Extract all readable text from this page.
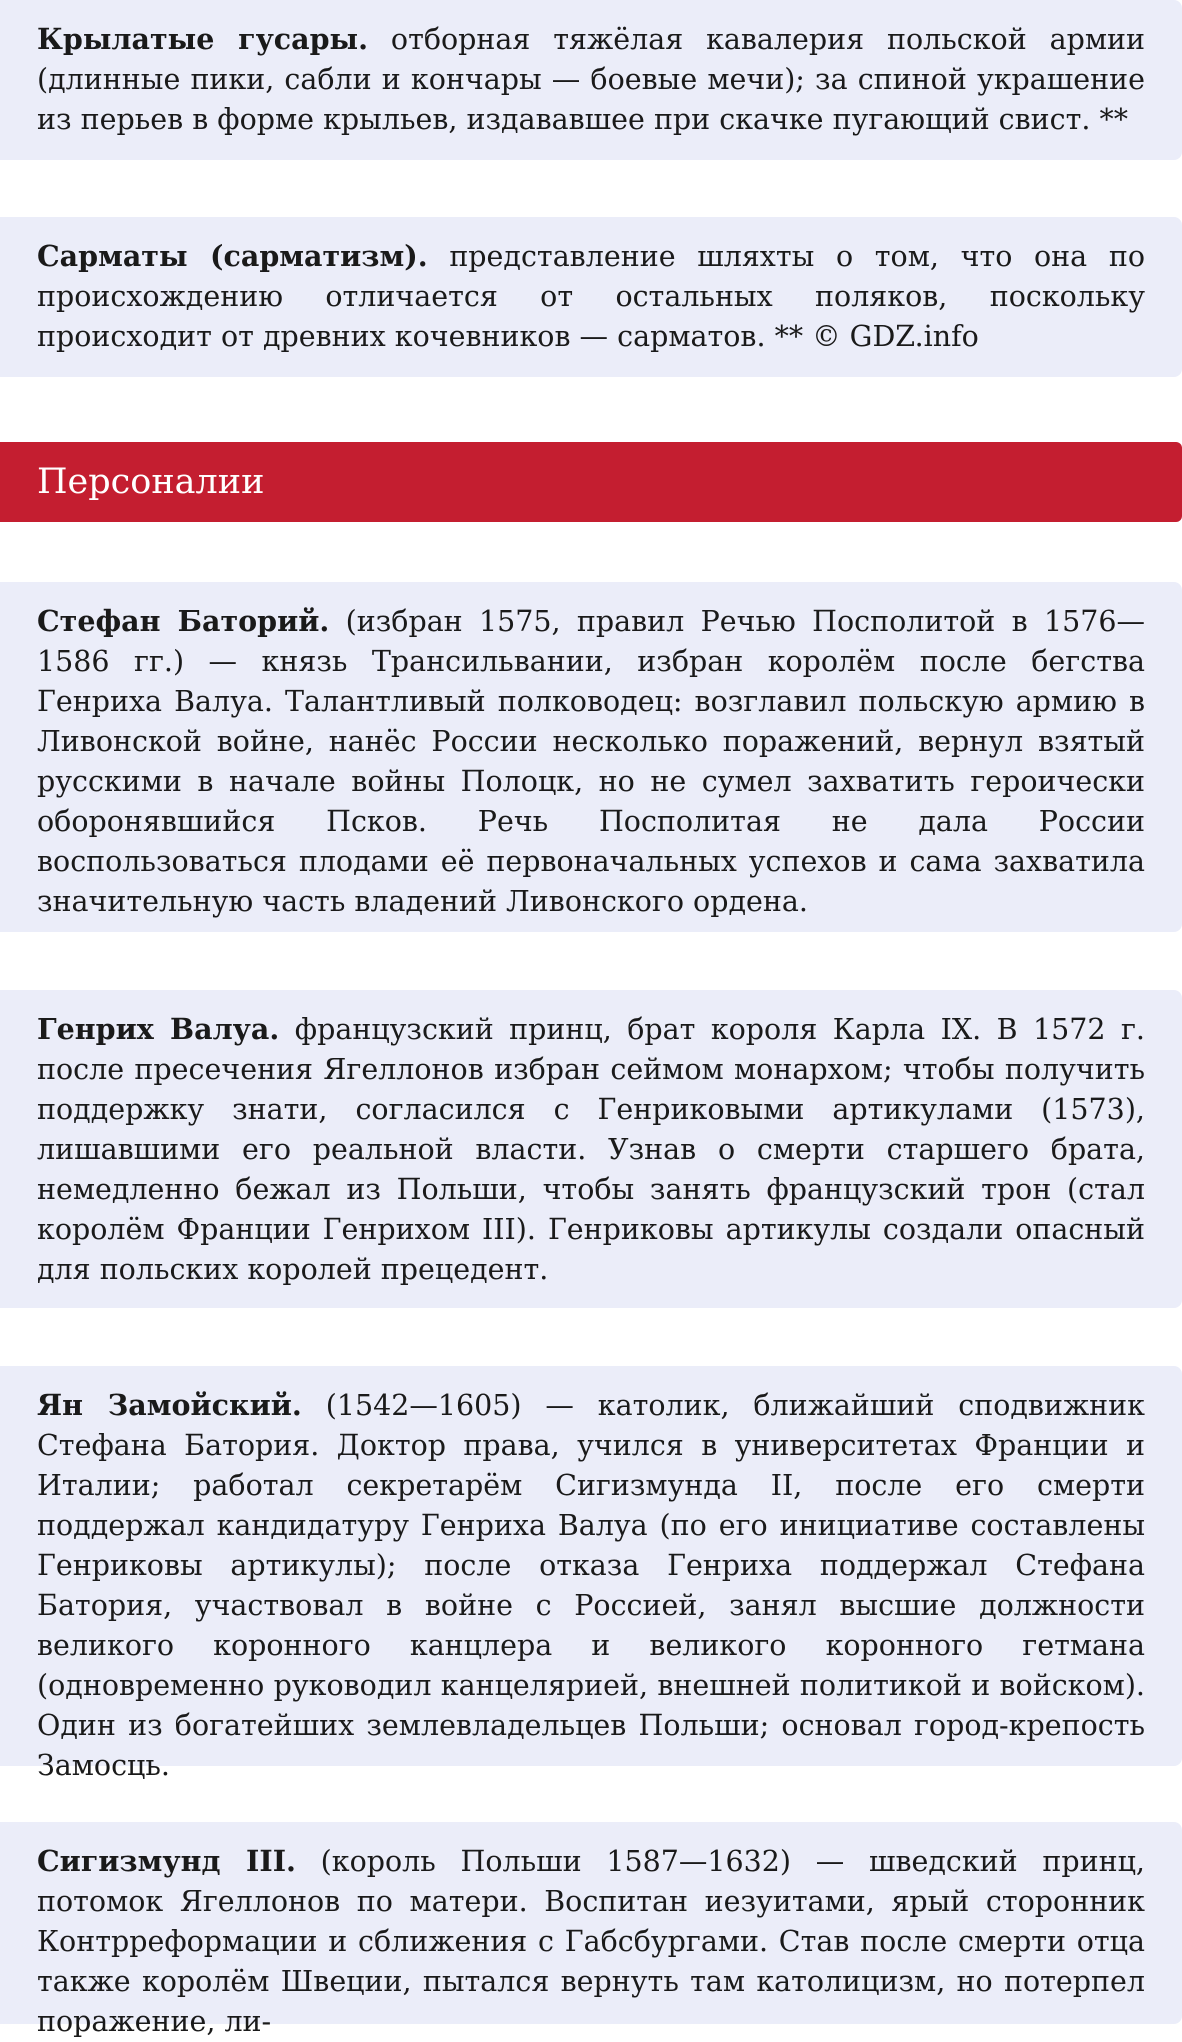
Крылатые гусары. отборная тяжёлая кавалерия польской армии (длинные пики, сабли и кончары — боевые мечи); за спиной украшение из перьев в форме крыльев, издававшее при скачке пугающий свист. **

Сарматы (сарматизм). представление шляхты о том, что она по происхождению отличается от остальных поляков, поскольку происходит от древних кочевников — сарматов. ** © GDZ.info

Персоналии

Стефан Баторий. (избран 1575, правил Речью Посполитой в 1576—1586 гг.) — князь Трансильвании, избран королём после бегства Генриха Валуа. Талантливый полководец: возглавил польскую армию в Ливонской войне, нанёс России несколько поражений, вернул взятый русскими в начале войны Полоцк, но не сумел захватить героически оборонявшийся Псков. Речь Посполитая не дала России воспользоваться плодами её первоначальных успехов и сама захватила значительную часть владений Ливонского ордена.

Генрих Валуа. французский принц, брат короля Карла IX. В 1572 г. после пресечения Ягеллонов избран сеймом монархом; чтобы получить поддержку знати, согласился с Генриковыми артикулами (1573), лишавшими его реальной власти. Узнав о смерти старшего брата, немедленно бежал из Польши, чтобы занять французский трон (стал королём Франции Генрихом III). Генриковы артикулы создали опасный для польских королей прецедент.

Ян Замойский. (1542—1605) — католик, ближайший сподвижник Стефана Батория. Доктор права, учился в университетах Франции и Италии; работал секретарём Сигизмунда II, после его смерти поддержал кандидатуру Генриха Валуа (по его инициативе составлены Генриковы артикулы); после отказа Генриха поддержал Стефана Батория, участвовал в войне с Россией, занял высшие должности великого коронного канцлера и великого коронного гетмана (одновременно руководил канцелярией, внешней политикой и войском). Один из богатейших землевладельцев Польши; основал город-крепость Замосць.

Сигизмунд III. (король Польши 1587—1632) — шведский принц, потомок Ягеллонов по матери. Воспитан иезуитами, ярый сторонник Контрреформации и сближения с Габсбургами. Став после смерти отца также королём Швеции, пытался вернуть там католицизм, но потерпел поражение, ли-
